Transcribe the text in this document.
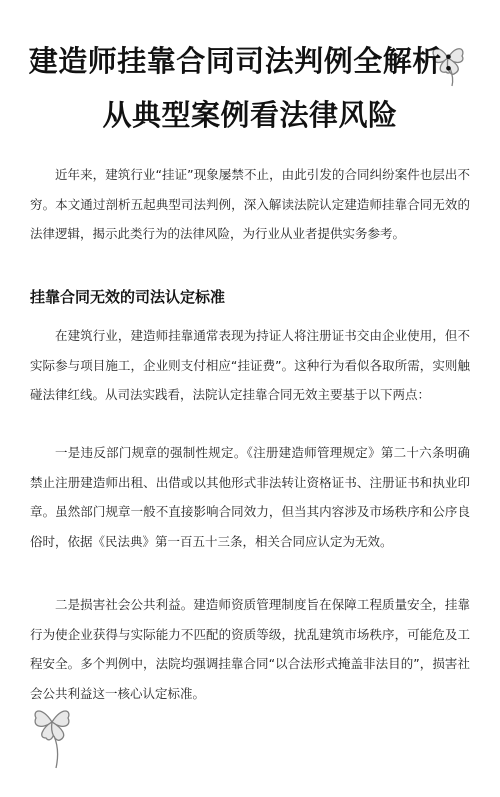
建造师挂靠合同司法判例全解析：从典型案例看法律风险

近年来，建筑行业“挂证”现象屡禁不止，由此引发的合同纠纷案件也层出不穷。本文通过剖析五起典型司法判例，深入解读法院认定建造师挂靠合同无效的法律逻辑，揭示此类行为的法律风险，为行业从业者提供实务参考。

挂靠合同无效的司法认定标准

在建筑行业，建造师挂靠通常表现为持证人将注册证书交由企业使用，但不实际参与项目施工，企业则支付相应“挂证费”。这种行为看似各取所需，实则触碰法律红线。从司法实践看，法院认定挂靠合同无效主要基于以下两点：

一是违反部门规章的强制性规定。《注册建造师管理规定》第二十六条明确禁止注册建造师出租、出借或以其他形式非法转让资格证书、注册证书和执业印章。虽然部门规章一般不直接影响合同效力，但当其内容涉及市场秩序和公序良俗时，依据《民法典》第一百五十三条，相关合同应认定为无效。

二是损害社会公共利益。建造师资质管理制度旨在保障工程质量安全，挂靠行为使企业获得与实际能力不匹配的资质等级，扰乱建筑市场秩序，可能危及工程安全。多个判例中，法院均强调挂靠合同“以合法形式掩盖非法目的”，损害社会公共利益这一核心认定标准。
